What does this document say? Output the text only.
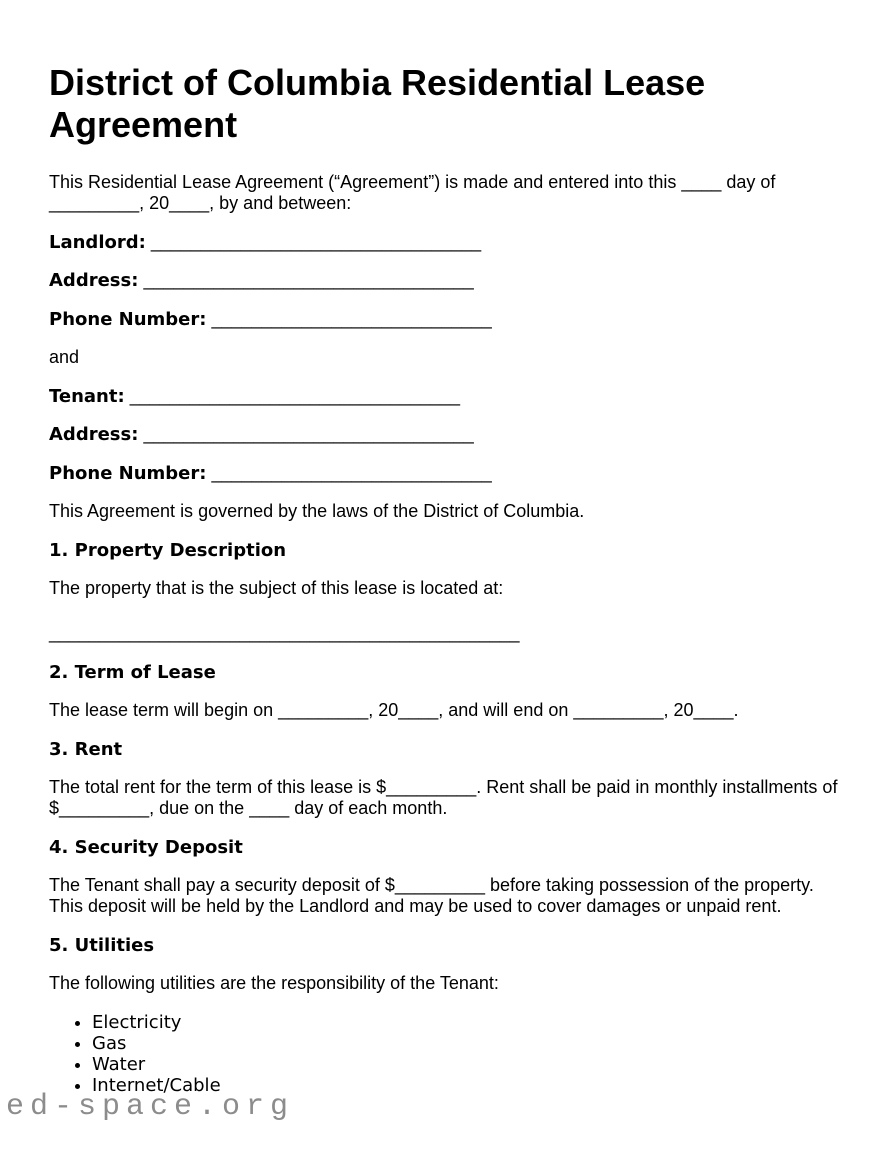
District of Columbia Residential Lease Agreement

This Residential Lease Agreement (“Agreement”) is made and entered into this ____ day of _________, 20____, by and between:

Landlord: _________________________________

Address: _________________________________

Phone Number: ____________________________

and

Tenant: _________________________________

Address: _________________________________

Phone Number: ____________________________

This Agreement is governed by the laws of the District of Columbia.

1. Property Description

The property that is the subject of this lease is located at:

_______________________________________________

2. Term of Lease

The lease term will begin on _________, 20____, and will end on _________, 20____.

3. Rent

The total rent for the term of this lease is $_________. Rent shall be paid in monthly installments of $_________, due on the ____ day of each month.

4. Security Deposit

The Tenant shall pay a security deposit of $_________ before taking possession of the property. This deposit will be held by the Landlord and may be used to cover damages or unpaid rent.

5. Utilities

The following utilities are the responsibility of the Tenant:

• Electricity
• Gas
• Water
• Internet/Cable
ed-space.org
